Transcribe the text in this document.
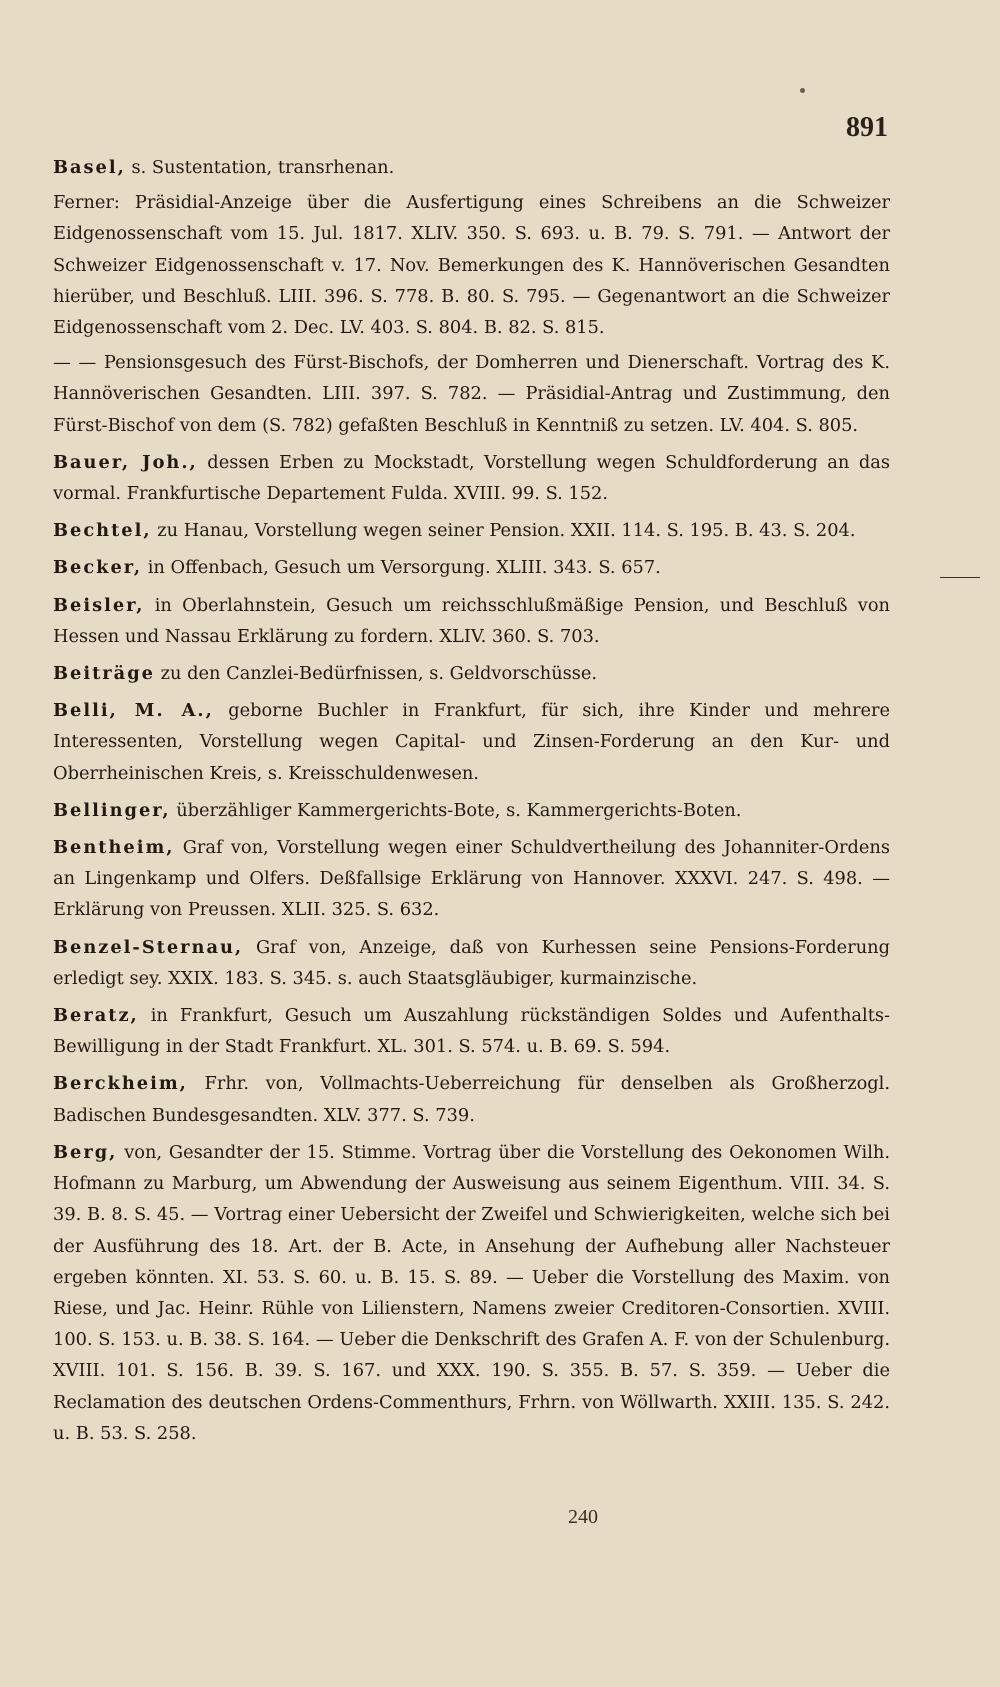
891
Basel, s. Sustentation, transrhenan.
Ferner: Präsidial-Anzeige über die Ausfertigung eines Schreibens an die Schweizer Eidgenossenschaft vom 15. Jul. 1817. XLIV. 350. S. 693. u. B. 79. S. 791. — Antwort der Schweizer Eidgenossenschaft v. 17. Nov. Bemerkungen des K. Hannöverischen Gesandten hierüber, und Beschluß. LIII. 396. S. 778. B. 80. S. 795. — Gegenantwort an die Schweizer Eidgenossenschaft vom 2. Dec. LV. 403. S. 804. B. 82. S. 815.
— — Pensionsgesuch des Fürst-Bischofs, der Domherren und Dienerschaft. Vortrag des K. Hannöverischen Gesandten. LIII. 397. S. 782. — Präsidial-Antrag und Zustimmung, den Fürst-Bischof von dem (S. 782) gefaßten Beschluß in Kenntniß zu setzen. LV. 404. S. 805.
Bauer, Joh., dessen Erben zu Mockstadt, Vorstellung wegen Schuldforderung an das vormal. Frankfurtische Departement Fulda. XVIII. 99. S. 152.
Bechtel, zu Hanau, Vorstellung wegen seiner Pension. XXII. 114. S. 195. B. 43. S. 204.
Becker, in Offenbach, Gesuch um Versorgung. XLIII. 343. S. 657.
Beisler, in Oberlahnstein, Gesuch um reichsschlußmäßige Pension, und Beschluß von Hessen und Nassau Erklärung zu fordern. XLIV. 360. S. 703.
Beiträge zu den Canzlei-Bedürfnissen, s. Geldvorschüsse.
Belli, M. A., geborne Buchler in Frankfurt, für sich, ihre Kinder und mehrere Interessenten, Vorstellung wegen Capital- und Zinsen-Forderung an den Kur- und Oberrheinischen Kreis, s. Kreisschuldenwesen.
Bellinger, überzähliger Kammergerichts-Bote, s. Kammergerichts-Boten.
Bentheim, Graf von, Vorstellung wegen einer Schuldvertheilung des Johanniter-Ordens an Lingenkamp und Olfers. Deßfallsige Erklärung von Hannover. XXXVI. 247. S. 498. — Erklärung von Preussen. XLII. 325. S. 632.
Benzel-Sternau, Graf von, Anzeige, daß von Kurhessen seine Pensions-Forderung erledigt sey. XXIX. 183. S. 345. s. auch Staatsgläubiger, kurmainzische.
Beratz, in Frankfurt, Gesuch um Auszahlung rückständigen Soldes und Aufenthalts-Bewilligung in der Stadt Frankfurt. XL. 301. S. 574. u. B. 69. S. 594.
Berckheim, Frhr. von, Vollmachts-Ueberreichung für denselben als Großherzogl. Badischen Bundesgesandten. XLV. 377. S. 739.
Berg, von, Gesandter der 15. Stimme. Vortrag über die Vorstellung des Oekonomen Wilh. Hofmann zu Marburg, um Abwendung der Ausweisung aus seinem Eigenthum. VIII. 34. S. 39. B. 8. S. 45. — Vortrag einer Uebersicht der Zweifel und Schwierigkeiten, welche sich bei der Ausführung des 18. Art. der B. Acte, in Ansehung der Aufhebung aller Nachsteuer ergeben könnten. XI. 53. S. 60. u. B. 15. S. 89. — Ueber die Vorstellung des Maxim. von Riese, und Jac. Heinr. Rühle von Lilienstern, Namens zweier Creditoren-Consortien. XVIII. 100. S. 153. u. B. 38. S. 164. — Ueber die Denkschrift des Grafen A. F. von der Schulenburg. XVIII. 101. S. 156. B. 39. S. 167. und XXX. 190. S. 355. B. 57. S. 359. — Ueber die Reclamation des deutschen Ordens-Commenthurs, Frhrn. von Wöllwarth. XXIII. 135. S. 242. u. B. 53. S. 258.
240
